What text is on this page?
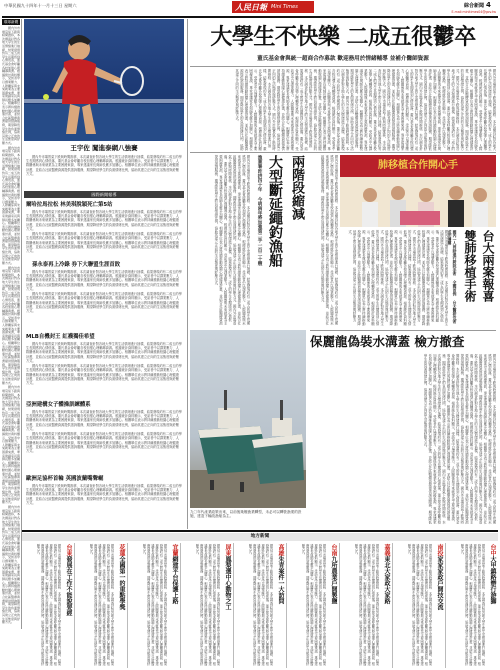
中華民國九十四年十一月十三日 星期六	人民日報 Mini Times	綜合新聞 4
E-mail:minitimes04@gov.tw
環球新聞

國內外市場景氣下跌與時間推移，本次調查針對各地大學生的生活情緒進行抽樣，結果發現約有二成五的學生長期感到心情低落，董氏基金會呼籲各校加強心理輔導資源。根據統計資料顯示，受訪者中以課業壓力、人際關係與未來就業為主要困擾來源，專家建議家長與師長應多加關心。相關單位表示將持續推動校園心理健康計畫，並結合社區醫療資源提供諮詢服務，期望降低學生的負面情緒比例，協助其建立正向的生活態度與紓壓方式。

國內外市場景氣下跌與時間推移，本次調查針對各地大學生的生活情緒進行抽樣，結果發現約有二成五的學生長期感到心情低落，董氏基金會呼籲各校加強心理輔導資源。根據統計資料顯示，受訪者中以課業壓力、人際關係與未來就業為主要困擾來源，專家建議家長與師長應多加關心。相關單位表示將持續推動校園心理健康計畫，並結合社區醫療資源提供諮詢服務，期望降低學生的負面情緒比例，協助其建立正向的生活態度與紓壓方式。

國內外市場景氣下跌與時間推移，本次調查針對各地大學生的生活情緒進行抽樣，結果發現約有二成五的學生長期感到心情低落，董氏基金會呼籲各校加強心理輔導資源。根據統計資料顯示，受訪者中以課業壓力、人際關係與未來就業為主要困擾來源，專家建議家長與師長應多加關心。相關單位表示將持續推動校園心理健康計畫，並結合社區醫療資源提供諮詢服務，期望降低學生的負面情緒比例，協助其建立正向的生活態度與紓壓方式。

國內外市場景氣下跌與時間推移，本次調查針對各地大學生的生活情緒進行抽樣，結果發現約有二成五的學生長期感到心情低落，董氏基金會呼籲各校加強心理輔導資源。根據統計資料顯示，受訪者中以課業壓力、人際關係與未來就業為主要困擾來源，專家建議家長與師長應多加關心。相關單位表示將持續推動校園心理健康計畫，並結合社區醫療資源提供諮詢服務，期望降低學生的負面情緒比例，協助其建立正向的生活態度與紓壓方式。

國內外市場景氣下跌與時間推移，本次調查針對各地大學生的生活情緒進行抽樣，結果發現約有二成五的學生長期感到心情低落，董氏基金會呼籲各校加強心理輔導資源。根據統計資料顯示，受訪者中以課業壓力、人際關係與未來就業為主要困擾來源，專家建議家長與師長應多加關心。相關單位表示將持續推動校園心理健康計畫，並結合社區醫療資源提供諮詢服務，期望降低學生的負面情緒比例，協助其建立正向的生活態度與紓壓方式。

王宇佐 闖進泰網八強賽

國內外市場景氣下跌與時間推移，本次調查針對各地大學生的生活情緒進行抽樣，結果發現約有二成五的學生長期感到心情低落，董氏基金會呼籲各校加強心理輔導資源。根據統計資料顯示，受訪者中以課業壓力、人際關係與未來就業為主要困擾來源，專家建議家長與師長應多加關心。相關單位表示將持續推動校園心理健康計畫，並結合社區醫療資源提供諮詢服務，期望降低學生的負面情緒比例，協助其建立正向的生活態度與紓壓方式。

國際新聞報導
爾哈拉馬拉松 林美琪脫穎死亡第5站

國內外市場景氣下跌與時間推移，本次調查針對各地大學生的生活情緒進行抽樣，結果發現約有二成五的學生長期感到心情低落，董氏基金會呼籲各校加強心理輔導資源。根據統計資料顯示，受訪者中以課業壓力、人際關係與未來就業為主要困擾來源，專家建議家長與師長應多加關心。相關單位表示將持續推動校園心理健康計畫，並結合社區醫療資源提供諮詢服務，期望降低學生的負面情緒比例，協助其建立正向的生活態度與紓壓方式。

國內外市場景氣下跌與時間推移，本次調查針對各地大學生的生活情緒進行抽樣，結果發現約有二成五的學生長期感到心情低落，董氏基金會呼籲各校加強心理輔導資源。根據統計資料顯示，受訪者中以課業壓力、人際關係與未來就業為主要困擾來源，專家建議家長與師長應多加關心。相關單位表示將持續推動校園心理健康計畫，並結合社區醫療資源提供諮詢服務，期望降低學生的負面情緒比例，協助其建立正向的生活態度與紓壓方式。

孫永泰再上冷錄 券下大聯盟生涯首敗

國內外市場景氣下跌與時間推移，本次調查針對各地大學生的生活情緒進行抽樣，結果發現約有二成五的學生長期感到心情低落，董氏基金會呼籲各校加強心理輔導資源。根據統計資料顯示，受訪者中以課業壓力、人際關係與未來就業為主要困擾來源，專家建議家長與師長應多加關心。相關單位表示將持續推動校園心理健康計畫，並結合社區醫療資源提供諮詢服務，期望降低學生的負面情緒比例，協助其建立正向的生活態度與紓壓方式。

國內外市場景氣下跌與時間推移，本次調查針對各地大學生的生活情緒進行抽樣，結果發現約有二成五的學生長期感到心情低落，董氏基金會呼籲各校加強心理輔導資源。根據統計資料顯示，受訪者中以課業壓力、人際關係與未來就業為主要困擾來源，專家建議家長與師長應多加關心。相關單位表示將持續推動校園心理健康計畫，並結合社區醫療資源提供諮詢服務，期望降低學生的負面情緒比例，協助其建立正向的生活態度與紓壓方式。

MLB自機封王 紅襪獨佳希望

國內外市場景氣下跌與時間推移，本次調查針對各地大學生的生活情緒進行抽樣，結果發現約有二成五的學生長期感到心情低落，董氏基金會呼籲各校加強心理輔導資源。根據統計資料顯示，受訪者中以課業壓力、人際關係與未來就業為主要困擾來源，專家建議家長與師長應多加關心。相關單位表示將持續推動校園心理健康計畫，並結合社區醫療資源提供諮詢服務，期望降低學生的負面情緒比例，協助其建立正向的生活態度與紓壓方式。

國內外市場景氣下跌與時間推移，本次調查針對各地大學生的生活情緒進行抽樣，結果發現約有二成五的學生長期感到心情低落，董氏基金會呼籲各校加強心理輔導資源。根據統計資料顯示，受訪者中以課業壓力、人際關係與未來就業為主要困擾來源，專家建議家長與師長應多加關心。相關單位表示將持續推動校園心理健康計畫，並結合社區醫療資源提供諮詢服務，期望降低學生的負面情緒比例，協助其建立正向的生活態度與紓壓方式。

亞洲建構女子體操訓練體系

國內外市場景氣下跌與時間推移，本次調查針對各地大學生的生活情緒進行抽樣，結果發現約有二成五的學生長期感到心情低落，董氏基金會呼籲各校加強心理輔導資源。根據統計資料顯示，受訪者中以課業壓力、人際關係與未來就業為主要困擾來源，專家建議家長與師長應多加關心。相關單位表示將持續推動校園心理健康計畫，並結合社區醫療資源提供諮詢服務，期望降低學生的負面情緒比例，協助其建立正向的生活態度與紓壓方式。

國內外市場景氣下跌與時間推移，本次調查針對各地大學生的生活情緒進行抽樣，結果發現約有二成五的學生長期感到心情低落，董氏基金會呼籲各校加強心理輔導資源。根據統計資料顯示，受訪者中以課業壓力、人際關係與未來就業為主要困擾來源，專家建議家長與師長應多加關心。相關單位表示將持續推動校園心理健康計畫，並結合社區醫療資源提供諮詢服務，期望降低學生的負面情緒比例，協助其建立正向的生活態度與紓壓方式。

歐洲足協杯首輪 英國波蘭嘴聲崛

國內外市場景氣下跌與時間推移，本次調查針對各地大學生的生活情緒進行抽樣，結果發現約有二成五的學生長期感到心情低落，董氏基金會呼籲各校加強心理輔導資源。根據統計資料顯示，受訪者中以課業壓力、人際關係與未來就業為主要困擾來源，專家建議家長與師長應多加關心。相關單位表示將持續推動校園心理健康計畫，並結合社區醫療資源提供諮詢服務，期望降低學生的負面情緒比例，協助其建立正向的生活態度與紓壓方式。

大學生不快樂 二成五很鬱卒
董氏基金會與統一超商合作募款 歡迎務用於情緒輔導 並補介醫師資源
國內外市場景氣下跌與時間推移，本次調查針對各地大學生的生活情緒進行抽樣，結果發現約有二成五的學生長期感到心情低落，董氏基金會呼籲各校加強心理輔導資源。根據統計資料顯示，受訪者中以課業壓力、人際關係與未來就業為主要困擾來源，專家建議家長與師長應多加關心。相關單位表示將持續推動校園心理健康計畫，並結合社區醫療資源提供諮詢服務，期望降低學生的負面情緒比例，協助其建立正向的生活態度與紓壓方式。國內外市場景氣下跌與時間推移，本次調查針對各地大學生的生活情緒進行抽樣，結果發現約有二成五的學生長期感到心情低落，董氏基金會呼籲各校加強心理輔導資源。根據統計資料顯示，受訪者中以課業壓力、人際關係與未來就業為主要困擾來源，專家建議家長與師長應多加關心。相關單位表示將持續推動校園心理健康計畫，並結合社區醫療資源提供諮詢服務，期望降低學生的負面情緒比例，協助其建立正向的生活態度與紓壓方式。國內外市場景氣下跌與時間推移，本次調查針對各地大學生的生活情緒進行抽樣，結果發現約有二成五的學生長期感到心情低落，董氏基金會呼籲各校加強心理輔導資源。根據統計資料顯示，受訪者中以課業壓力、人際關係與未來就業為主要困擾來源，專家建議家長與師長應多加關心。相關單位表示將持續推動校園心理健康計畫，並結合社區醫療資源提供諮詢服務，期望降低學生的負面情緒比例，協助其建立正向的生活態度與紓壓方式。國內外市場景氣下跌與時間推移，本次調查針對各地大學生的生活情緒進行抽樣，結果發現約有二成五的學生長期感到心情低落，董氏基金會呼籲各校加強心理輔導資源。根據統計資料顯示，受訪者中以課業壓力、人際關係與未來就業為主要困擾來源，專家建議家長與師長應多加關心。相關單位表示將持續推動校園心理健康計畫，並結合社區醫療資源提供諮詢服務，期望降低學生的負面情緒比例，協助其建立正向的生活態度與紓壓方式。國內外市場景氣下跌與時間推移，本次調查針對各地大學生的生活情緒進行抽樣，結果發現約有二成五的學生長期感到心情低落，董氏基金會呼籲各校加強心理輔導資源。根據統計資料顯示，受訪者中以課業壓力、人際關係與未來就業為主要困擾來源，專家建議家長與師長應多加關心。相關單位表示將持續推動校園心理健康計畫，並結合社區醫療資源提供諮詢服務，期望降低學生的負面情緒比例，協助其建立正向的生活態度與紓壓方式。國內外市場景氣下跌與時間推移，本次調查針對各地大學生的生活情緒進行抽樣，結果發現約有二成五的學生長期感到心情低落，董氏基金會呼籲各校加強心理輔導資源。根據統計資料顯示，受訪者中以課業壓力、人際關係與未來就業為主要困擾來源，專家建議家長與師長應多加關心。相關單位表示將持續推動校園心理健康計畫，並結合社區醫療資源提供諮詢服務，期望降低學生的負面情緒比例，協助其建立正向的生活態度與紓壓方式。國內外市場景氣下跌與時間推移，本次調查針對各地大學生的生活情緒進行抽樣，結果發現約有二成五的學生長期感到心情低落，董氏基金會呼籲各校加強心理輔導資源。根據統計資料顯示，受訪者中以課業壓力、人際關係與未來就業為主要困擾來源，專家建議家長與師長應多加關心。相關單位表示將持續推動校園心理健康計畫，並結合社區醫療資源提供諮詢服務，期望降低學生的負面情緒比例，協助其建立正向的生活態度與紓壓方式。
國內外市場景氣下跌與時間推移，本次調查針對各地大學生的生活情緒進行抽樣，結果發現約有二成五的學生長期感到心情低落，董氏基金會呼籲各校加強心理輔導資源。根據統計資料顯示，受訪者中以課業壓力、人際關係與未來就業為主要困擾來源，專家建議家長與師長應多加關心。相關單位表示將持續推動校園心理健康計畫，並結合社區醫療資源提供諮詢服務，期望降低學生的負面情緒比例，協助其建立正向的生活態度與紓壓方式。國內外市場景氣下跌與時間推移，本次調查針對各地大學生的生活情緒進行抽樣，結果發現約有二成五的學生長期感到心情低落，董氏基金會呼籲各校加強心理輔導資源。根據統計資料顯示，受訪者中以課業壓力、人際關係與未來就業為主要困擾來源，專家建議家長與師長應多加關心。相關單位表示將持續推動校園心理健康計畫，並結合社區醫療資源提供諮詢服務，期望降低學生的負面情緒比例，協助其建立正向的生活態度與紓壓方式。	漁業署昨拼四十年 今明兩年將加強第二手一百二十艘 大型斷延繩釣漁船 兩階段縮減	肺移植合作開心手
國內外市場景氣下跌與時間推移，本次調查針對各地大學生的生活情緒進行抽樣，結果發現約有二成五的學生長期感到心情低落，董氏基金會呼籲各校加強心理輔導資源。根據統計資料顯示，受訪者中以課業壓力、人際關係與未來就業為主要困擾來源，專家建議家長與師長應多加關心。相關單位表示將持續推動校園心理健康計畫，並結合社區醫療資源提供諮詢服務，期望降低學生的負面情緒比例，協助其建立正向的生活態度與紓壓方式。	國內外市場景氣下跌與時間推移，本次調查針對各地大學生的生活情緒進行抽樣，結果發現約有二成五的學生長期感到心情低落，董氏基金會呼籲各校加強心理輔導資源。根據統計資料顯示，受訪者中以課業壓力、人際關係與未來就業為主要困擾來源，專家建議家長與師長應多加關心。相關單位表示將持續推動校園心理健康計畫，並結合社區醫療資源提供諮詢服務，期望降低學生的負面情緒比例，協助其建立正向的生活態度與紓壓方式。國內外市場景氣下跌與時間推移，本次調查針對各地大學生的生活情緒進行抽樣，結果發現約有二成五的學生長期感到心情低落，董氏基金會呼籲各校加強心理輔導資源。根據統計資料顯示，受訪者中以課業壓力、人際關係與未來就業為主要困擾來源，專家建議家長與師長應多加關心。相關單位表示將持續推動校園心理健康計畫，並結合社區醫療資源提供諮詢服務，期望降低學生的負面情緒比例，協助其建立正向的生活態度與紓壓方式。國內外市場景氣下跌與時間推移，本次調查針對各地大學生的生活情緒進行抽樣，結果發現約有二成五的學生長期感到心情低落，董氏基金會呼籲各校加強心理輔導資源。根據統計資料顯示，受訪者中以課業壓力、人際關係與未來就業為主要困擾來源，專家建議家長與師長應多加關心。相關單位表示將持續推動校園心理健康計畫，並結合社區醫療資源提供諮詢服務，期望降低學生的負面情緒比例，協助其建立正向的生活態度與紓壓方式。	國內一人同時進行跨院手術 全國首例 台大醫研究術成功獲稱 雙肺移植手術 台大兩案報喜
保麗龍偽裝水溝蓋 檢方撤查
國內外市場景氣下跌與時間推移，本次調查針對各地大學生的生活情緒進行抽樣，結果發現約有二成五的學生長期感到心情低落，董氏基金會呼籲各校加強心理輔導資源。根據統計資料顯示，受訪者中以課業壓力、人際關係與未來就業為主要困擾來源，專家建議家長與師長應多加關心。相關單位表示將持續推動校園心理健康計畫，並結合社區醫療資源提供諮詢服務，期望降低學生的負面情緒比例，協助其建立正向的生活態度與紓壓方式。國內外市場景氣下跌與時間推移，本次調查針對各地大學生的生活情緒進行抽樣，結果發現約有二成五的學生長期感到心情低落，董氏基金會呼籲各校加強心理輔導資源。根據統計資料顯示，受訪者中以課業壓力、人際關係與未來就業為主要困擾來源，專家建議家長與師長應多加關心。相關單位表示將持續推動校園心理健康計畫，並結合社區醫療資源提供諮詢服務，期望降低學生的負面情緒比例，協助其建立正向的生活態度與紓壓方式。國內外市場景氣下跌與時間推移，本次調查針對各地大學生的生活情緒進行抽樣，結果發現約有二成五的學生長期感到心情低落，董氏基金會呼籲各校加強心理輔導資源。根據統計資料顯示，受訪者中以課業壓力、人際關係與未來就業為主要困擾來源，專家建議家長與師長應多加關心。相關單位表示將持續推動校園心理健康計畫，並結合社區醫療資源提供諮詢服務，期望降低學生的負面情緒比例，協助其建立正向的生活態度與紓壓方式。國內外市場景氣下跌與時間推移，本次調查針對各地大學生的生活情緒進行抽樣，結果發現約有二成五的學生長期感到心情低落，董氏基金會呼籲各校加強心理輔導資源。根據統計資料顯示，受訪者中以課業壓力、人際關係與未來就業為主要困擾來源，專家建議家長與師長應多加關心。相關單位表示將持續推動校園心理健康計畫，並結合社區醫療資源提供諮詢服務，期望降低學生的負面情緒比例，協助其建立正向的生活態度與紓壓方式。
九〇年代產業政策出來，以前後幾艘漁業轉型，未必可以轉營漁業的設施，建造下輪改漁船為主。
地方新聞
台中大甲鎮路辦行游獅
國內外市場景氣下跌與時間推移，本次調查針對各地大學生的生活情緒進行抽樣，結果發現約有二成五的學生長期感到心情低落，董氏基金會呼籲各校加強心理輔導資源。根據統計資料顯示，受訪者中以課業壓力、人際關係與未來就業為主要困擾來源，專家建議家長與師長應多加關心。相關單位表示將持續推動校園心理健康計畫，並結合社區醫療資源提供諮詢服務，期望降低學生的負面情緒比例，協助其建立正向的生活態度與紓壓方式。
南投家家家政戶開技交流
國內外市場景氣下跌與時間推移，本次調查針對各地大學生的生活情緒進行抽樣，結果發現約有二成五的學生長期感到心情低落，董氏基金會呼籲各校加強心理輔導資源。根據統計資料顯示，受訪者中以課業壓力、人際關係與未來就業為主要困擾來源，專家建議家長與師長應多加關心。相關單位表示將持續推動校園心理健康計畫，並結合社區醫療資源提供諮詢服務，期望降低學生的負面情緒比例，協助其建立正向的生活態度與紓壓方式。
嘉義東北大家政大家路
國內外市場景氣下跌與時間推移，本次調查針對各地大學生的生活情緒進行抽樣，結果發現約有二成五的學生長期感到心情低落，董氏基金會呼籲各校加強心理輔導資源。根據統計資料顯示，受訪者中以課業壓力、人際關係與未來就業為主要困擾來源，專家建議家長與師長應多加關心。相關單位表示將持續推動校園心理健康計畫，並結合社區醫療資源提供諮詢服務，期望降低學生的負面情緒比例，協助其建立正向的生活態度與紓壓方式。
台南九所農業戶開製鹽
國內外市場景氣下跌與時間推移，本次調查針對各地大學生的生活情緒進行抽樣，結果發現約有二成五的學生長期感到心情低落，董氏基金會呼籲各校加強心理輔導資源。根據統計資料顯示，受訪者中以課業壓力、人際關係與未來就業為主要困擾來源，專家建議家長與師長應多加關心。相關單位表示將持續推動校園心理健康計畫，並結合社區醫療資源提供諮詢服務，期望降低學生的負面情緒比例，協助其建立正向的生活態度與紓壓方式。
高雄朱青案件一大訪問
國內外市場景氣下跌與時間推移，本次調查針對各地大學生的生活情緒進行抽樣，結果發現約有二成五的學生長期感到心情低落，董氏基金會呼籲各校加強心理輔導資源。根據統計資料顯示，受訪者中以課業壓力、人際關係與未來就業為主要困擾來源，專家建議家長與師長應多加關心。相關單位表示將持續推動校園心理健康計畫，並結合社區醫療資源提供諮詢服務，期望降低學生的負面情緒比例，協助其建立正向的生活態度與紓壓方式。
屏東鳳梨選中心動物之工
國內外市場景氣下跌與時間推移，本次調查針對各地大學生的生活情緒進行抽樣，結果發現約有二成五的學生長期感到心情低落，董氏基金會呼籲各校加強心理輔導資源。根據統計資料顯示，受訪者中以課業壓力、人際關係與未來就業為主要困擾來源，專家建議家長與師長應多加關心。相關單位表示將持續推動校園心理健康計畫，並結合社區醫療資源提供諮詢服務，期望降低學生的負面情緒比例，協助其建立正向的生活態度與紓壓方式。
宜蘭網建平台保護上路
國內外市場景氣下跌與時間推移，本次調查針對各地大學生的生活情緒進行抽樣，結果發現約有二成五的學生長期感到心情低落，董氏基金會呼籲各校加強心理輔導資源。根據統計資料顯示，受訪者中以課業壓力、人際關係與未來就業為主要困擾來源，專家建議家長與師長應多加關心。相關單位表示將持續推動校園心理健康計畫，並結合社區醫療資源提供諮詢服務，期望降低學生的負面情緒比例，協助其建立正向的生活態度與紓壓方式。
花蓮全國第一的重點學獎
國內外市場景氣下跌與時間推移，本次調查針對各地大學生的生活情緒進行抽樣，結果發現約有二成五的學生長期感到心情低落，董氏基金會呼籲各校加強心理輔導資源。根據統計資料顯示，受訪者中以課業壓力、人際關係與未來就業為主要困擾來源，專家建議家長與師長應多加關心。相關單位表示將持續推動校園心理健康計畫，並結合社區醫療資源提供諮詢服務，期望降低學生的負面情緒比例，協助其建立正向的生活態度與紓壓方式。
台東發展在工作不能說要經
國內外市場景氣下跌與時間推移，本次調查針對各地大學生的生活情緒進行抽樣，結果發現約有二成五的學生長期感到心情低落，董氏基金會呼籲各校加強心理輔導資源。根據統計資料顯示，受訪者中以課業壓力、人際關係與未來就業為主要困擾來源，專家建議家長與師長應多加關心。相關單位表示將持續推動校園心理健康計畫，並結合社區醫療資源提供諮詢服務，期望降低學生的負面情緒比例，協助其建立正向的生活態度與紓壓方式。
